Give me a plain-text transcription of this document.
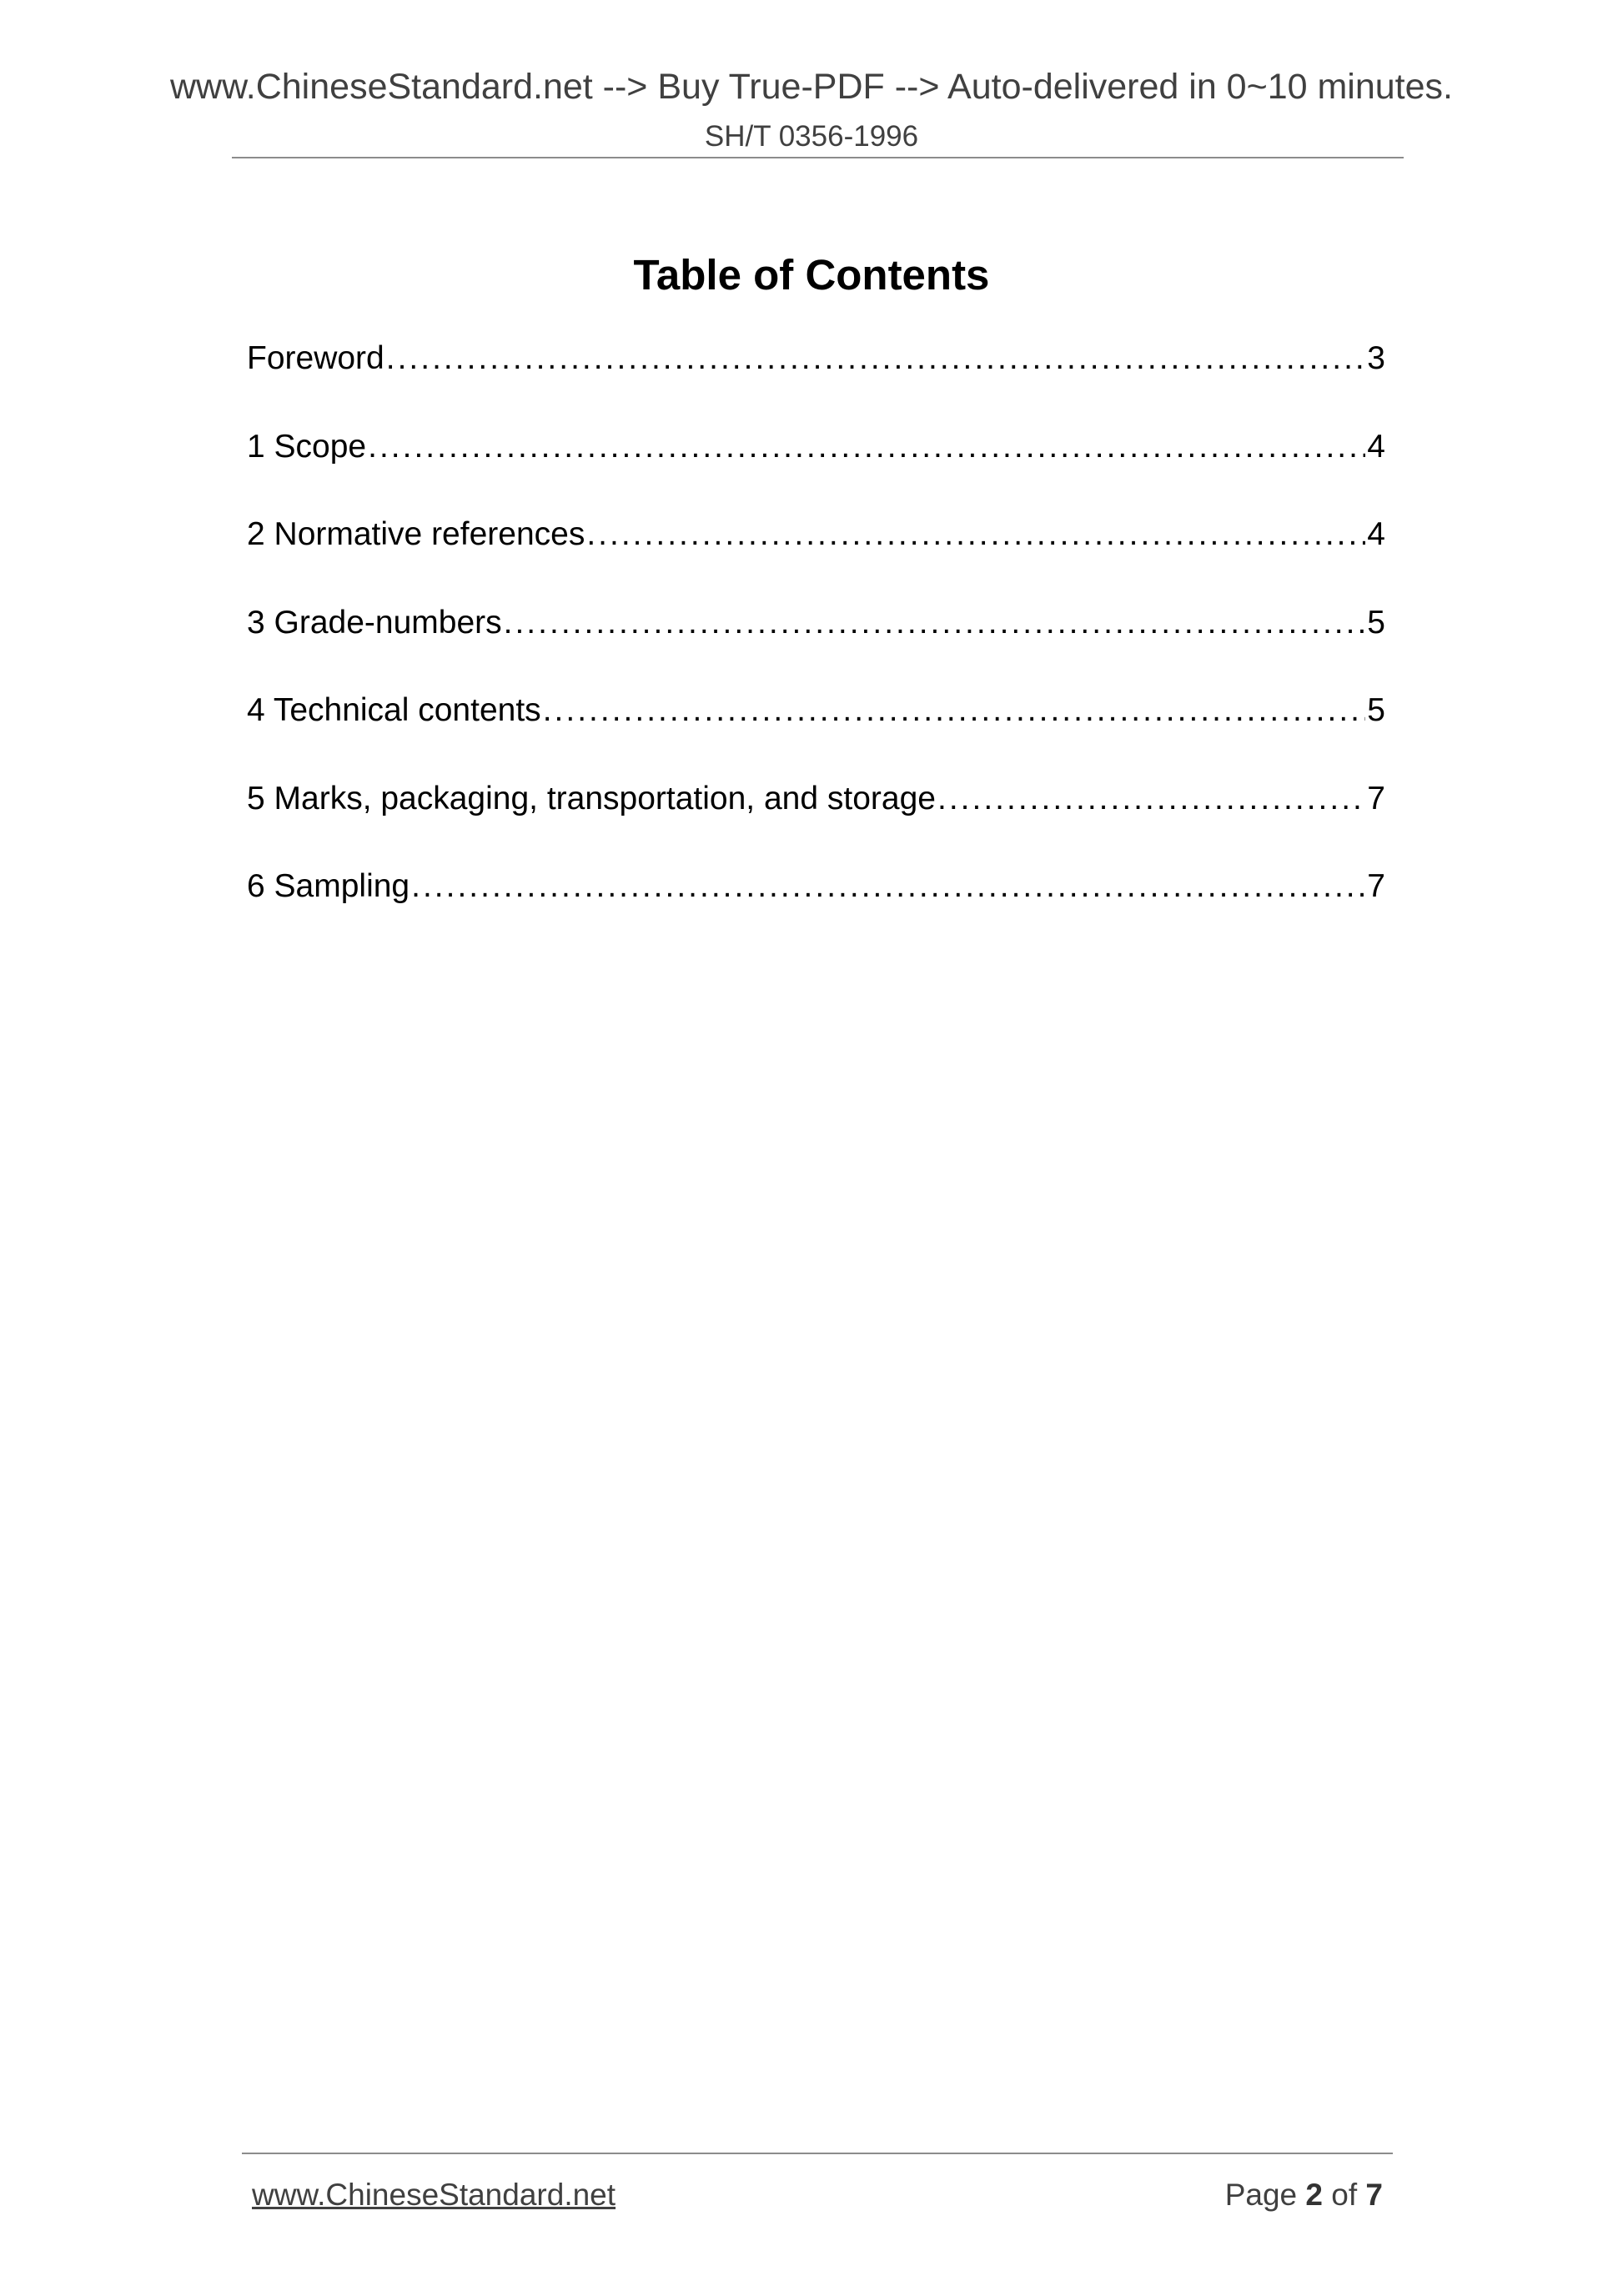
www.ChineseStandard.net --> Buy True-PDF --> Auto-delivered in 0~10 minutes.
SH/T 0356-1996
Table of Contents
Foreword .....	3
1 Scope .....	4
2 Normative references .....	4
3 Grade-numbers .....	5
4 Technical contents .....	5
5 Marks, packaging, transportation, and storage .....	7
6 Sampling .....	7
www.ChineseStandard.net	Page 2 of 7
